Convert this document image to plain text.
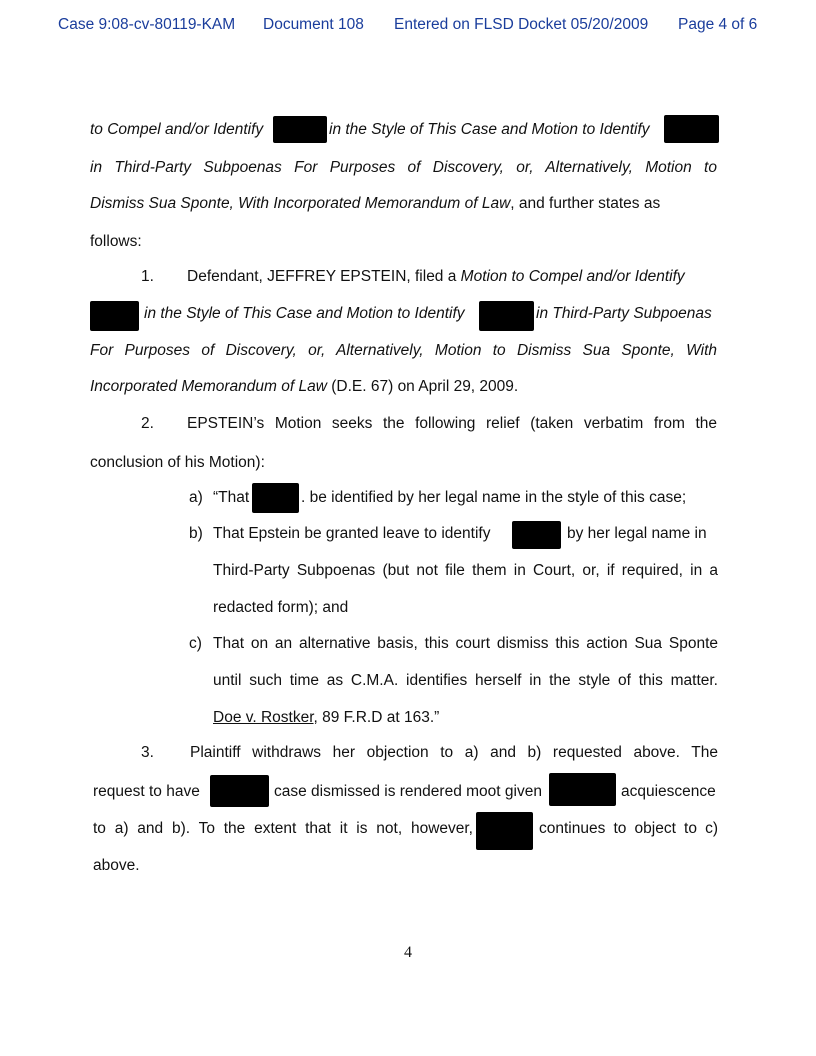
Case 9:08-cv-80119-KAM Document 108 Entered on FLSD Docket 05/20/2009 Page 4 of 6
to Compel and/or Identify	in the Style of This Case and Motion to Identify
in Third-Party Subpoenas For Purposes of Discovery, or, Alternatively, Motion to
Dismiss Sua Sponte, With Incorporated Memorandum of Law, and further states as
follows:
1. Defendant, JEFFREY EPSTEIN, filed a Motion to Compel and/or Identify
in the Style of This Case and Motion to Identify	in Third-Party Subpoenas
For Purposes of Discovery, or, Alternatively, Motion to Dismiss Sua Sponte, With
Incorporated Memorandum of Law (D.E. 67) on April 29, 2009.
2. EPSTEIN’s Motion seeks the following relief (taken verbatim from the
conclusion of his Motion):
a) “That	. be identified by her legal name in the style of this case;
b) That Epstein be granted leave to identify	by her legal name in
Third-Party Subpoenas (but not file them in Court, or, if required, in a
redacted form); and
c) That on an alternative basis, this court dismiss this action Sua Sponte
until such time as C.M.A. identifies herself in the style of this matter.
Doe v. Rostker, 89 F.R.D at 163.”
3. Plaintiff withdraws her objection to a) and b) requested above. The
request to have	case dismissed is rendered moot given	acquiescence
to a) and b). To the extent that it is not, however,	continues to object to c)
above.
4
